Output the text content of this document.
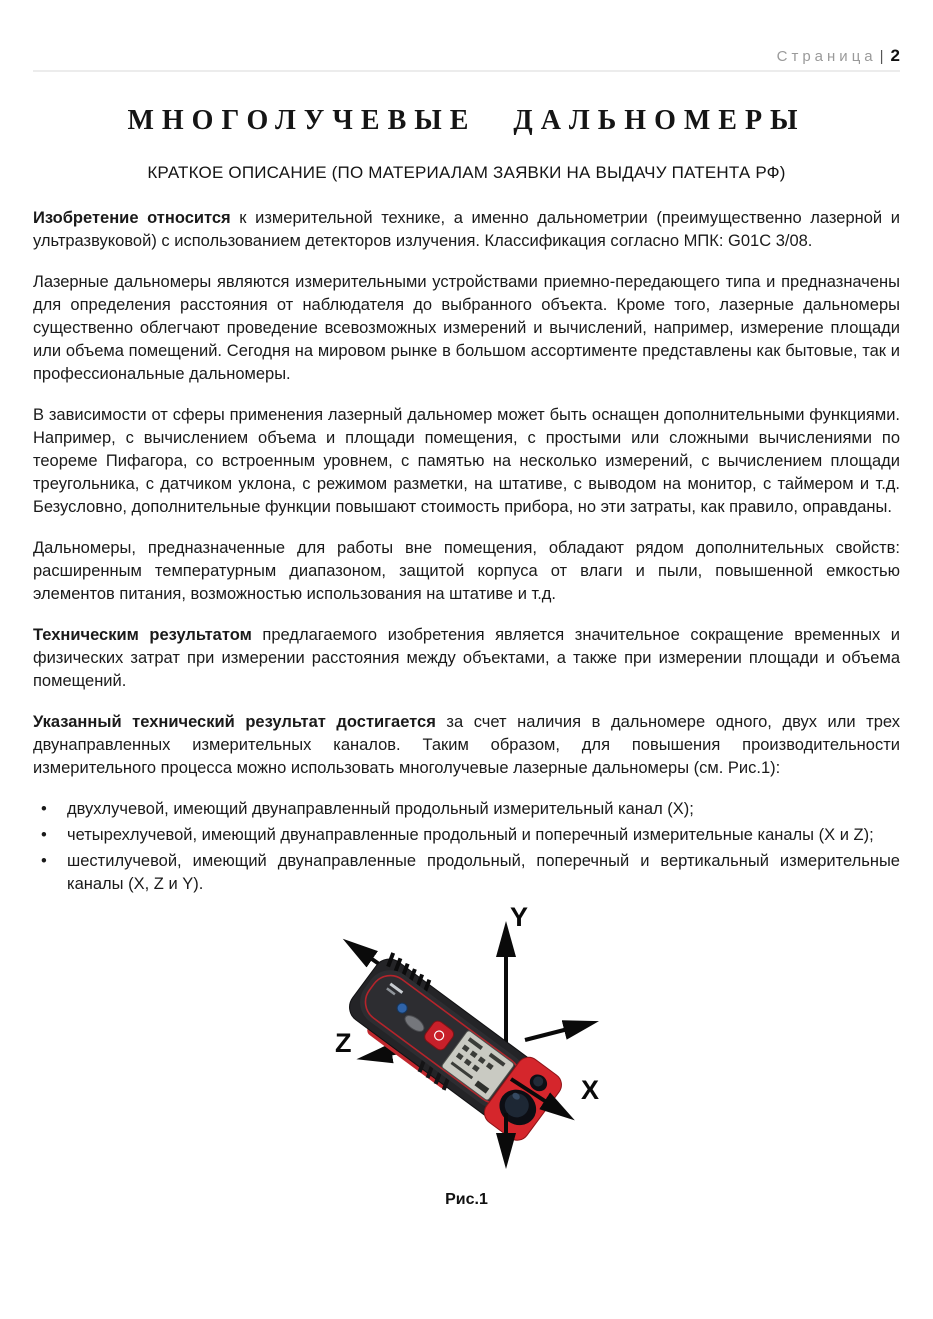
Страница | 2
МНОГОЛУЧЕВЫЕ ДАЛЬНОМЕРЫ
КРАТКОЕ ОПИСАНИЕ (ПО МАТЕРИАЛАМ ЗАЯВКИ НА ВЫДАЧУ ПАТЕНТА РФ)

Изобретение относится к измерительной технике, а именно дальнометрии (преимущественно лазерной и ультразвуковой) с использованием детекторов излучения. Классификация согласно МПК: G01C 3/08.

Лазерные дальномеры являются измерительными устройствами приемно-передающего типа и предназначены для определения расстояния от наблюдателя до выбранного объекта. Кроме того, лазерные дальномеры существенно облегчают проведение всевозможных измерений и вычислений, например, измерение площади или объема помещений. Сегодня на мировом рынке в большом ассортименте представлены как бытовые, так и профессиональные дальномеры.

В зависимости от сферы применения лазерный дальномер может быть оснащен дополнительными функциями. Например, с вычислением объема и площади помещения, с простыми или сложными вычислениями по теореме Пифагора, со встроенным уровнем, с памятью на несколько измерений, с вычислением площади треугольника, с датчиком уклона, с режимом разметки, на штативе, с выводом на монитор, с таймером и т.д. Безусловно, дополнительные функции повышают стоимость прибора, но эти затраты, как правило, оправданы.

Дальномеры, предназначенные для работы вне помещения, обладают рядом дополнительных свойств: расширенным температурным диапазоном, защитой корпуса от влаги и пыли, повышенной емкостью элементов питания, возможностью использования на штативе и т.д.

Техническим результатом предлагаемого изобретения является значительное сокращение временных и физических затрат при измерении расстояния между объектами, а также при измерении площади и объема помещений.

Указанный технический результат достигается за счет наличия в дальномере одного, двух или трех двунаправленных измерительных каналов. Таким образом, для повышения производительности измерительного процесса можно использовать многолучевые лазерные дальномеры (см. Рис.1):

• двухлучевой, имеющий двунаправленный продольный измерительный канал (X);
• четырехлучевой, имеющий двунаправленные продольный и поперечный измерительные каналы (X и Z);
• шестилучевой, имеющий двунаправленные продольный, поперечный и вертикальный измерительные каналы (X, Z и Y).
Y
Z
X
Рис.1
